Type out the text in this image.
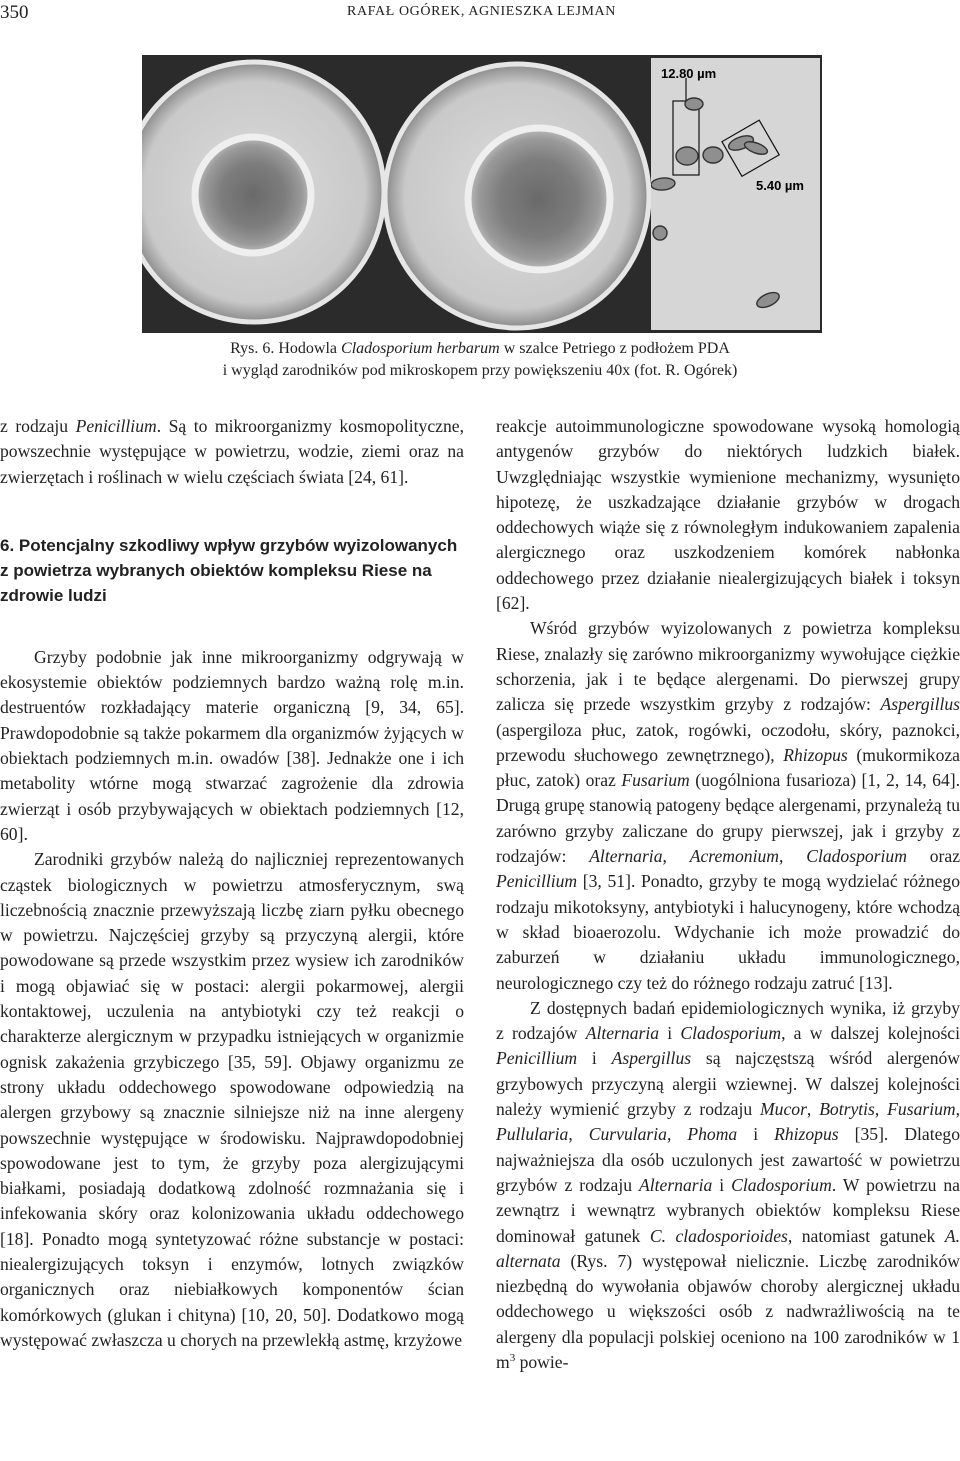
350	RAFAŁ OGÓREK, AGNIESZKA LEJMAN
12.80 µm
5.40 µm
Rys. 6. Hodowla Cladosporium herbarum w szalce Petriego z podłożem PDA
i wygląd zarodników pod mikroskopem przy powiększeniu 40x (fot. R. Ogórek)

z rodzaju Penicillium. Są to mikroorganizmy kosmopolityczne, powszechnie występujące w powietrzu, wodzie, ziemi oraz na zwierzętach i roślinach w wielu częściach świata [24, 61].

6. Potencjalny szkodliwy wpływ grzybów wyizolowanych z powietrza wybranych obiektów kompleksu Riese na zdrowie ludzi

Grzyby podobnie jak inne mikroorganizmy odgrywają w ekosystemie obiektów podziemnych bardzo ważną rolę m.in. destruentów rozkładający materie organiczną [9, 34, 65]. Prawdopodobnie są także pokarmem dla organizmów żyjących w obiektach podziemnych m.in. owadów [38]. Jednakże one i ich metabolity wtórne mogą stwarzać zagrożenie dla zdrowia zwierząt i osób przybywających w obiektach podziemnych [12, 60].

Zarodniki grzybów należą do najliczniej reprezentowanych cząstek biologicznych w powietrzu atmosferycznym, swą liczebnością znacznie przewyższają liczbę ziarn pyłku obecnego w powietrzu. Najczęściej grzyby są przyczyną alergii, które powodowane są przede wszystkim przez wysiew ich zarodników i mogą objawiać się w postaci: alergii pokarmowej, alergii kontaktowej, uczulenia na antybiotyki czy też reakcji o charakterze alergicznym w przypadku istniejących w organizmie ognisk zakażenia grzybiczego [35, 59]. Objawy organizmu ze strony układu oddechowego spowodowane odpowiedzią na alergen grzybowy są znacznie silniejsze niż na inne alergeny powszechnie występujące w środowisku. Najprawdopodobniej spowodowane jest to tym, że grzyby poza alergizującymi białkami, posiadają dodatkową zdolność rozmnażania się i infekowania skóry oraz kolonizowania układu oddechowego [18]. Ponadto mogą syntetyzować różne substancje w postaci: niealergizujących toksyn i enzymów, lotnych związków organicznych oraz niebiałkowych komponentów ścian komórkowych (glukan i chityna) [10, 20, 50]. Dodatkowo mogą występować zwłaszcza u chorych na przewlekłą astmę, krzyżowe

reakcje autoimmunologiczne spowodowane wysoką homologią antygenów grzybów do niektórych ludzkich białek. Uwzględniając wszystkie wymienione mechanizmy, wysunięto hipotezę, że uszkadzające działanie grzybów w drogach oddechowych wiąże się z równoległym indukowaniem zapalenia alergicznego oraz uszkodzeniem komórek nabłonka oddechowego przez działanie niealergizujących białek i toksyn [62].

Wśród grzybów wyizolowanych z powietrza kompleksu Riese, znalazły się zarówno mikroorganizmy wywołujące ciężkie schorzenia, jak i te będące alergenami. Do pierwszej grupy zalicza się przede wszystkim grzyby z rodzajów: Aspergillus (aspergiloza płuc, zatok, rogówki, oczodołu, skóry, paznokci, przewodu słuchowego zewnętrznego), Rhizopus (mukormikoza płuc, zatok) oraz Fusarium (uogólniona fusarioza) [1, 2, 14, 64]. Drugą grupę stanowią patogeny będące alergenami, przynależą tu zarówno grzyby zaliczane do grupy pierwszej, jak i grzyby z rodzajów: Alternaria, Acremonium, Cladosporium oraz Penicillium [3, 51]. Ponadto, grzyby te mogą wydzielać różnego rodzaju mikotoksyny, antybiotyki i halucynogeny, które wchodzą w skład bioaerozolu. Wdychanie ich może prowadzić do zaburzeń w działaniu układu immunologicznego, neurologicznego czy też do różnego rodzaju zatruć [13].

Z dostępnych badań epidemiologicznych wynika, iż grzyby z rodzajów Alternaria i Cladosporium, a w dalszej kolejności Penicillium i Aspergillus są najczęstszą wśród alergenów grzybowych przyczyną alergii wziewnej. W dalszej kolejności należy wymienić grzyby z rodzaju Mucor, Botrytis, Fusarium, Pullularia, Curvularia, Phoma i Rhizopus [35]. Dlatego najważniejsza dla osób uczulonych jest zawartość w powietrzu grzybów z rodzaju Alternaria i Cladosporium. W powietrzu na zewnątrz i wewnątrz wybranych obiektów kompleksu Riese dominował gatunek C. cladosporioides, natomiast gatunek A. alternata (Rys. 7) występował nielicznie. Liczbę zarodników niezbędną do wywołania objawów choroby alergicznej układu oddechowego u większości osób z nadwrażliwością na te alergeny dla populacji polskiej oceniono na 100 zarodników w 1 $m^3$ powie-
